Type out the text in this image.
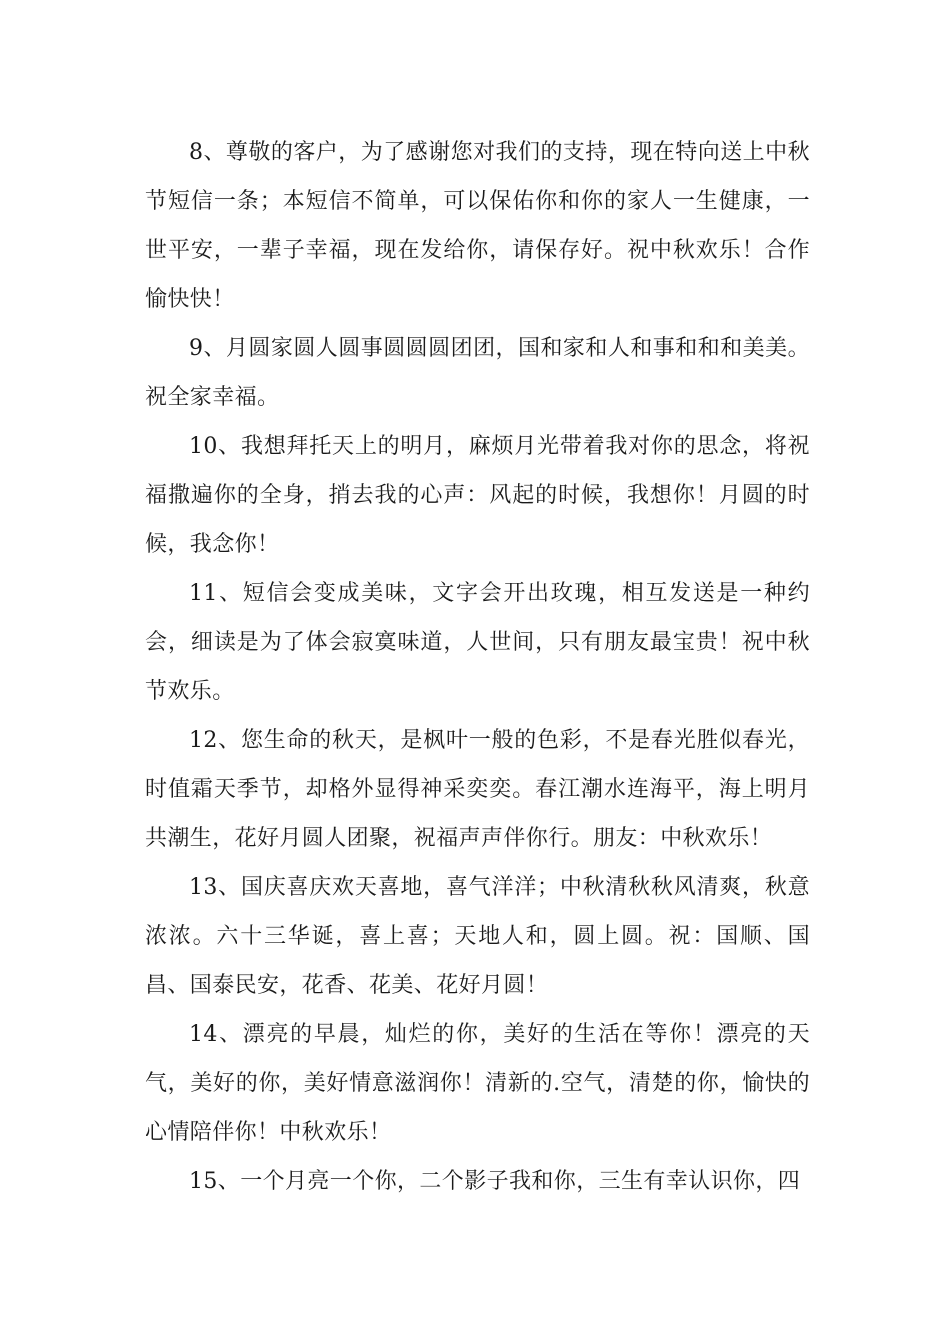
8、尊敬的客户，为了感谢您对我们的支持，现在特向送上中秋节短信一条；本短信不简单，可以保佑你和你的家人一生健康，一世平安，一辈子幸福，现在发给你，请保存好。祝中秋欢乐！合作愉快快！

9、月圆家圆人圆事圆圆圆团团，国和家和人和事和和和美美。祝全家幸福。

10、我想拜托天上的明月，麻烦月光带着我对你的思念，将祝福撒遍你的全身，捎去我的心声：风起的时候，我想你！月圆的时候，我念你！

11、短信会变成美味，文字会开出玫瑰，相互发送是一种约会，细读是为了体会寂寞味道，人世间，只有朋友最宝贵！祝中秋节欢乐。

12、您生命的秋天，是枫叶一般的色彩，不是春光胜似春光，时值霜天季节，却格外显得神采奕奕。春江潮水连海平，海上明月共潮生，花好月圆人团聚，祝福声声伴你行。朋友：中秋欢乐！

13、国庆喜庆欢天喜地，喜气洋洋；中秋清秋秋风清爽，秋意浓浓。六十三华诞，喜上喜；天地人和，圆上圆。祝：国顺、国昌、国泰民安，花香、花美、花好月圆！

14、漂亮的早晨，灿烂的你，美好的生活在等你！漂亮的天气，美好的你，美好情意滋润你！清新的.空气，清楚的你，愉快的心情陪伴你！中秋欢乐！

15、一个月亮一个你，二个影子我和你，三生有幸认识你，四
